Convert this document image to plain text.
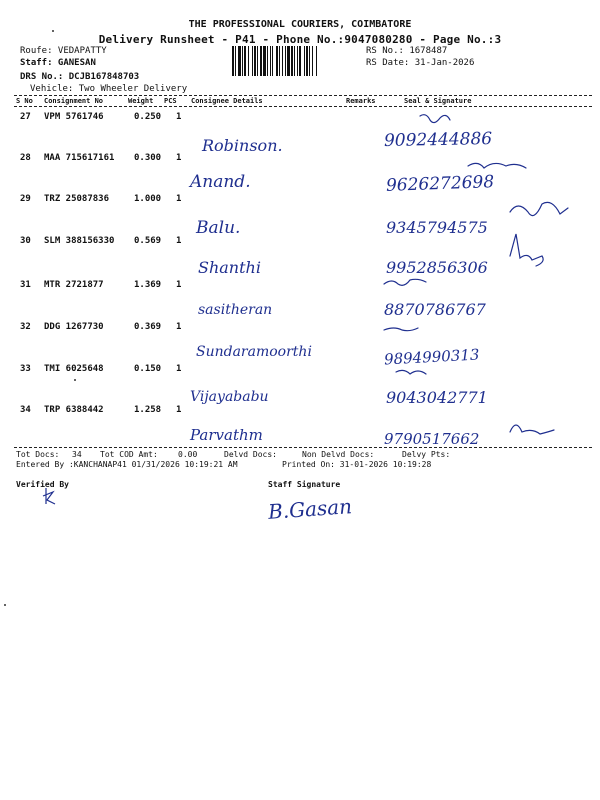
THE PROFESSIONAL COURIERS, COIMBATORE
Delivery Runsheet - P41 - Phone No.:9047080280 - Page No.:3
Roufe: VEDAPATTY
Staff: GANESAN
DRS No.: DCJB167848703
Vehicle: Two Wheeler Delivery
RS No.: 1678487
RS Date: 31-Jan-2026
S No Consignment No	Weight PCS Consignee Details	Remarks	Seal & Signature
27 VPM 5761746	0.250 1
Robinson.	9092444886
28 MAA 715617161 0.300 1
Anand.	9626272698
29 TRZ 25087836	1.000 1
Balu.	9345794575
30 SLM 388156330 0.569 1
Shanthi	9952856306
31 MTR 2721877	1.369 1
sasitheran	8870786767
32 DDG 1267730	0.369 1
Sundaramoorthi	9894990313
33 TMI 6025648	0.150 1
Vijayababu	9043042771
34 TRP 6388442	1.258 1
Parvathm	9790517662
Tot Docs: 34 Tot COD Amt:	0.00	Delvd Docs:	Non Delvd Docs:	Delvy Pts:
Entered By :KANCHANAP41 01/31/2026 10:19:21 AM	Printed On: 31-01-2026 10:19:28
Verified By	Staff Signature
B.Gasan
